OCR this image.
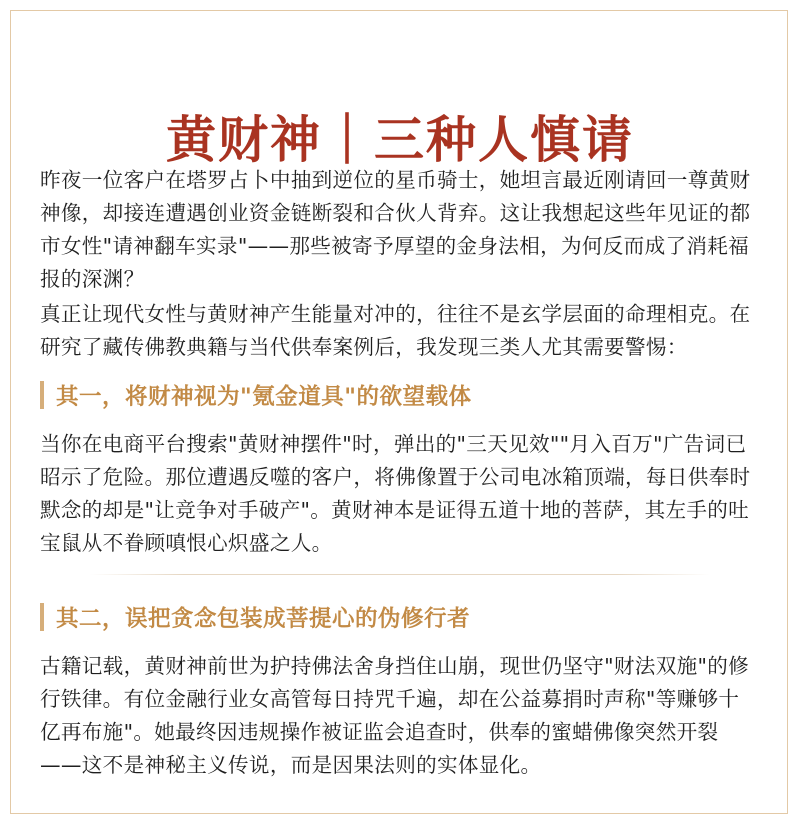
黄财神｜三种人慎请

昨夜一位客户在塔罗占卜中抽到逆位的星币骑士，她坦言最近刚请回一尊黄财神像，却接连遭遇创业资金链断裂和合伙人背弃。这让我想起这些年见证的都市女性"请神翻车实录"——那些被寄予厚望的金身法相，为何反而成了消耗福报的深渊？

真正让现代女性与黄财神产生能量对冲的，往往不是玄学层面的命理相克。在研究了藏传佛教典籍与当代供奉案例后，我发现三类人尤其需要警惕：

其一，将财神视为"氪金道具"的欲望载体

当你在电商平台搜索"黄财神摆件"时，弹出的"三天见效""月入百万"广告词已昭示了危险。那位遭遇反噬的客户，将佛像置于公司电冰箱顶端，每日供奉时默念的却是"让竞争对手破产"。黄财神本是证得五道十地的菩萨，其左手的吐宝鼠从不眷顾嗔恨心炽盛之人。

其二，误把贪念包装成菩提心的伪修行者

古籍记载，黄财神前世为护持佛法舍身挡住山崩，现世仍坚守"财法双施"的修行铁律。有位金融行业女高管每日持咒千遍，却在公益募捐时声称"等赚够十亿再布施"。她最终因违规操作被证监会追查时，供奉的蜜蜡佛像突然开裂——这不是神秘主义传说，而是因果法则的实体显化。
